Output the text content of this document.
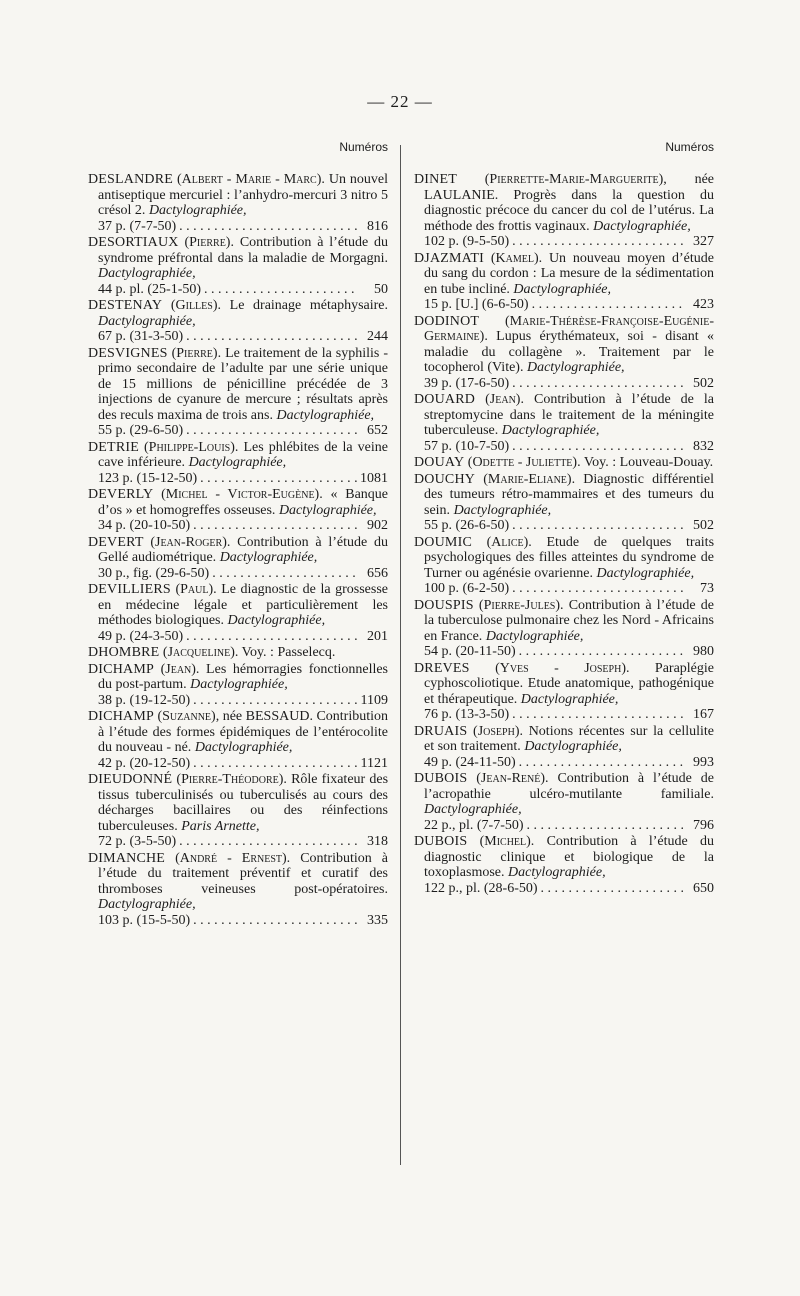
— 22 —
Numéros
DESLANDRE (Albert - Marie - Marc). Un nouvel antiseptique mercuriel : l’anhydro-mercuri 3 nitro 5 crésol 2. Dactylographiée,
37 p. (7-7-50) . . .	816
DESORTIAUX (Pierre). Contribution à l’étude du syndrome préfrontal dans la maladie de Morgagni. Dactylographiée,
44 p. pl. (25-1-50) . . .	50
DESTENAY (Gilles). Le drainage métaphysaire. Dactylographiée,
67 p. (31-3-50) . . .	244
DESVIGNES (Pierre). Le traitement de la syphilis - primo secondaire de l’adulte par une série unique de 15 millions de pénicilline précédée de 3 injections de cyanure de mercure ; résultats après des reculs maxima de trois ans. Dactylographiée,
55 p. (29-6-50) . . .	652
DETRIE (Philippe-Louis). Les phlébites de la veine cave inférieure. Dactylographiée,
123 p. (15-12-50) . . .	1081
DEVERLY (Michel - Victor-Eugène). « Banque d’os » et homogreffes osseuses. Dactylographiée,
34 p. (20-10-50) . . .	902
DEVERT (Jean-Roger). Contribution à l’étude du Gellé audiométrique. Dactylographiée,
30 p., fig. (29-6-50) . . .	656
DEVILLIERS (Paul). Le diagnostic de la grossesse en médecine légale et particulièrement les méthodes biologiques. Dactylographiée,
49 p. (24-3-50) . . .	201
DHOMBRE (Jacqueline). Voy. : Passelecq.
DICHAMP (Jean). Les hémorragies fonctionnelles du post-partum. Dactylographiée,
38 p. (19-12-50) . . .	1109
DICHAMP (Suzanne), née BESSAUD. Contribution à l’étude des formes épidémiques de l’entérocolite du nouveau - né. Dactylographiée,
42 p. (20-12-50) . . .	1121
DIEUDONNÉ (Pierre-Théodore). Rôle fixateur des tissus tuberculinisés ou tuberculisés au cours des décharges bacillaires ou des réinfections tuberculeuses. Paris Arnette,
72 p. (3-5-50) . . .	318
DIMANCHE (André - Ernest). Contribution à l’étude du traitement préventif et curatif des thromboses veineuses post-opératoires. Dactylographiée,
103 p. (15-5-50) . . .	335
Numéros
DINET (Pierrette-Marie-Marguerite), née LAULANIE. Progrès dans la question du diagnostic précoce du cancer du col de l’utérus. La méthode des frottis vaginaux. Dactylographiée,
102 p. (9-5-50) . . .	327
DJAZMATI (Kamel). Un nouveau moyen d’étude du sang du cordon : La mesure de la sédimentation en tube incliné. Dactylographiée,
15 p. [U.] (6-6-50) . . .	423
DODINOT (Marie-Thérèse-Françoise-Eugénie-Germaine). Lupus érythémateux, soi - disant « maladie du collagène ». Traitement par le tocopherol (Vite). Dactylographiée,
39 p. (17-6-50) . . .	502
DOUARD (Jean). Contribution à l’étude de la streptomycine dans le traitement de la méningite tuberculeuse. Dactylographiée,
57 p. (10-7-50) . . .	832
DOUAY (Odette - Juliette). Voy. : Louveau-Douay.
DOUCHY (Marie-Eliane). Diagnostic différentiel des tumeurs rétro-mammaires et des tumeurs du sein. Dactylographiée,
55 p. (26-6-50) . . .	502
DOUMIC (Alice). Etude de quelques traits psychologiques des filles atteintes du syndrome de Turner ou agénésie ovarienne. Dactylographiée,
100 p. (6-2-50) . . .	73
DOUSPIS (Pierre-Jules). Contribution à l’étude de la tuberculose pulmonaire chez les Nord - Africains en France. Dactylographiée,
54 p. (20-11-50) . . .	980
DREVES (Yves - Joseph). Paraplégie cyphoscoliotique. Etude anatomique, pathogénique et thérapeutique. Dactylographiée,
76 p. (13-3-50) . . .	167
DRUAIS (Joseph). Notions récentes sur la cellulite et son traitement. Dactylographiée,
49 p. (24-11-50) . . .	993
DUBOIS (Jean-René). Contribution à l’étude de l’acropathie ulcéro-mutilante familiale. Dactylographiée,
22 p., pl. (7-7-50) . . .	796
DUBOIS (Michel). Contribution à l’étude du diagnostic clinique et biologique de la toxoplasmose. Dactylographiée,
122 p., pl. (28-6-50) . . .	650
